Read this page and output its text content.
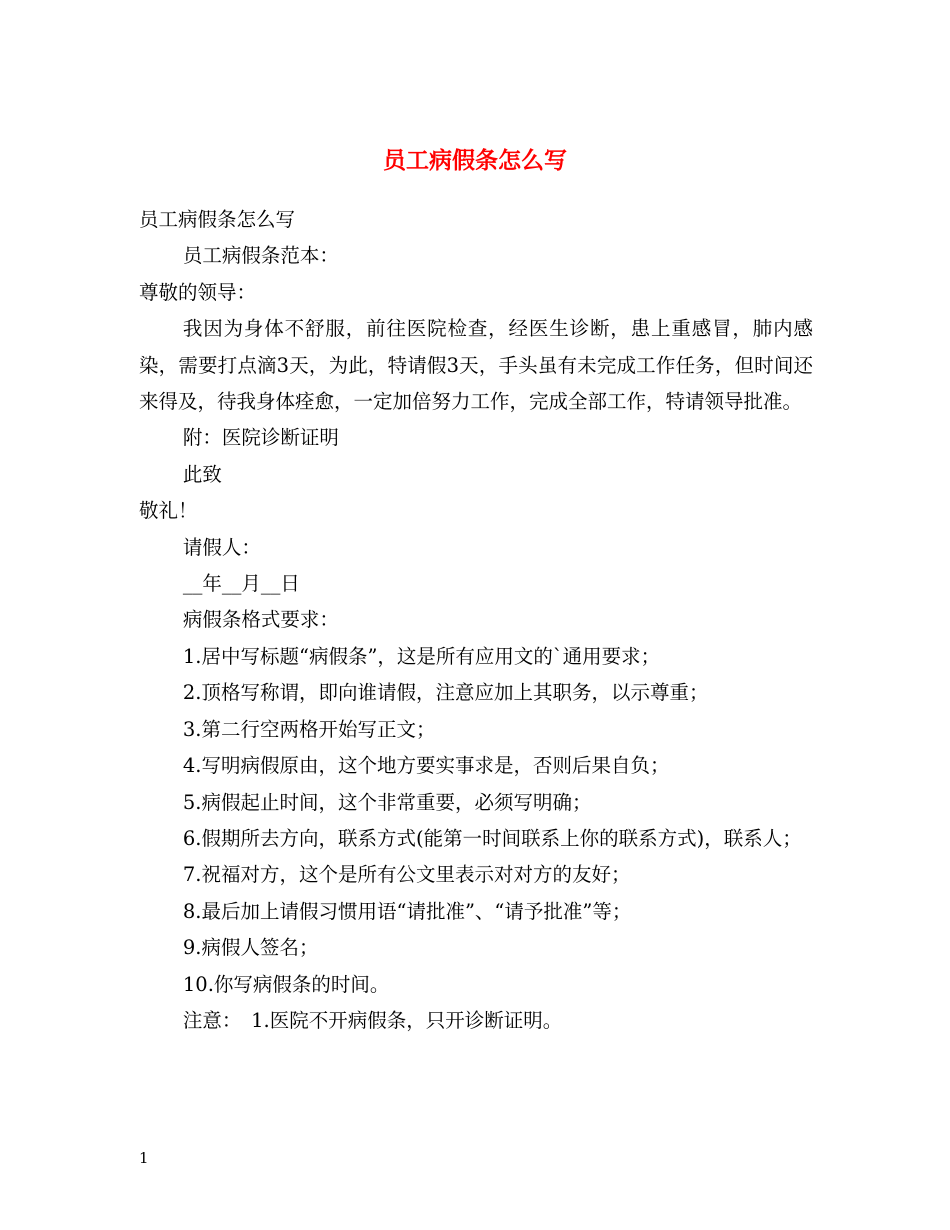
员工病假条怎么写

员工病假条怎么写

员工病假条范本：

尊敬的领导：

我因为身体不舒服，前往医院检查，经医生诊断，患上重感冒，肺内感染，需要打点滴3天，为此，特请假3天，手头虽有未完成工作任务，但时间还来得及，待我身体痊愈，一定加倍努力工作，完成全部工作，特请领导批准。

附：医院诊断证明

此致

敬礼！

请假人：

__年__月__日

病假条格式要求：

1.居中写标题“病假条”，这是所有应用文的`通用要求；

2.顶格写称谓，即向谁请假，注意应加上其职务，以示尊重；

3.第二行空两格开始写正文；

4.写明病假原由，这个地方要实事求是，否则后果自负；

5.病假起止时间，这个非常重要，必须写明确；

6.假期所去方向，联系方式(能第一时间联系上你的联系方式)，联系人；

7.祝福对方，这个是所有公文里表示对对方的友好；

8.最后加上请假习惯用语“请批准”、“请予批准”等；

9.病假人签名；

10.你写病假条的时间。

注意：　1.医院不开病假条，只开诊断证明。

1
